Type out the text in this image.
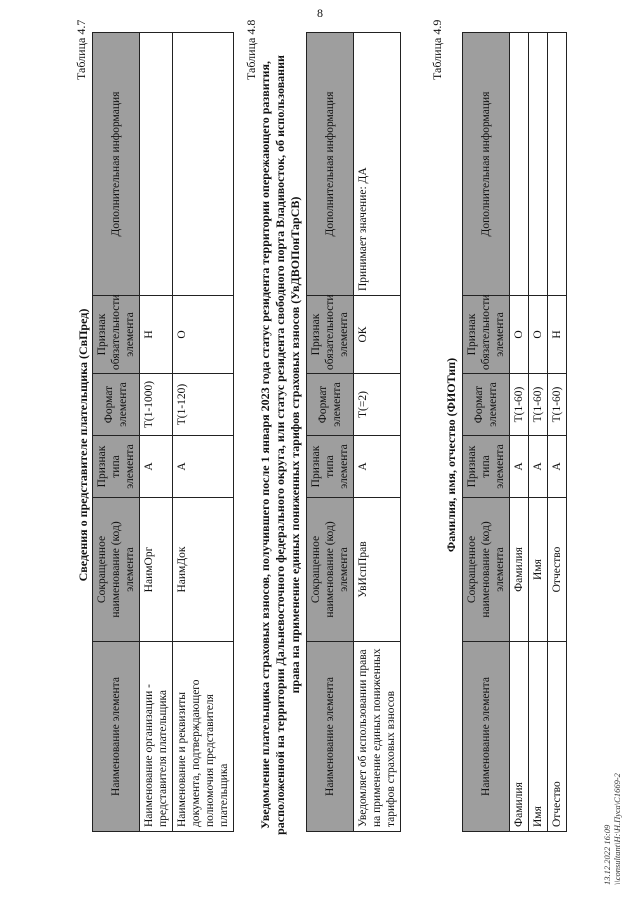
8
Таблица 4.7
Сведения о представителе плательщика (СвПред)
Наименование элемента	Сокращенное наименование (код) элемента	Признак типа элемента	Формат элемента	Признак обязательности элемента	Дополнительная информация
Наименование организации - представителя плательщика	НаимОрг	А	T(1-1000)	Н	
Наименование и реквизиты документа, подтверждающего полномочия представителя плательщика	НаимДок	А	T(1-120)	О	
Таблица 4.8
Уведомление плательщика страховых взносов, получившего после 1 января 2023 года статус резидента территории опережающего развития, расположенной на территории Дальневосточного федерального округа, или статус резидента свободного порта Владивосток, об использовании права на применение единых пониженных тарифов страховых взносов (УвДВОПонТарСВ)
Наименование элемента	Сокращенное наименование (код) элемента	Признак типа элемента	Формат элемента	Признак обязательности элемента	Дополнительная информация
Уведомляет об использовании права на применение единых пониженных тарифов страховых взносов	УвИспПрав	А	T(=2)	ОК	Принимает значение: ДА
Таблица 4.9
Фамилия, имя, отчество (ФИОТип)
Наименование элемента	Сокращенное наименование (код) элемента	Признак типа элемента	Формат элемента	Признак обязательности элемента	Дополнительная информация
Фамилия	Фамилия	А	T(1-60)	О	
Имя	Имя	А	T(1-60)	О	
Отчество	Отчество	А	T(1-60)	Н	
13.12.2022 16:09 \\consultant\H:\H.Пуса\C1669-2
